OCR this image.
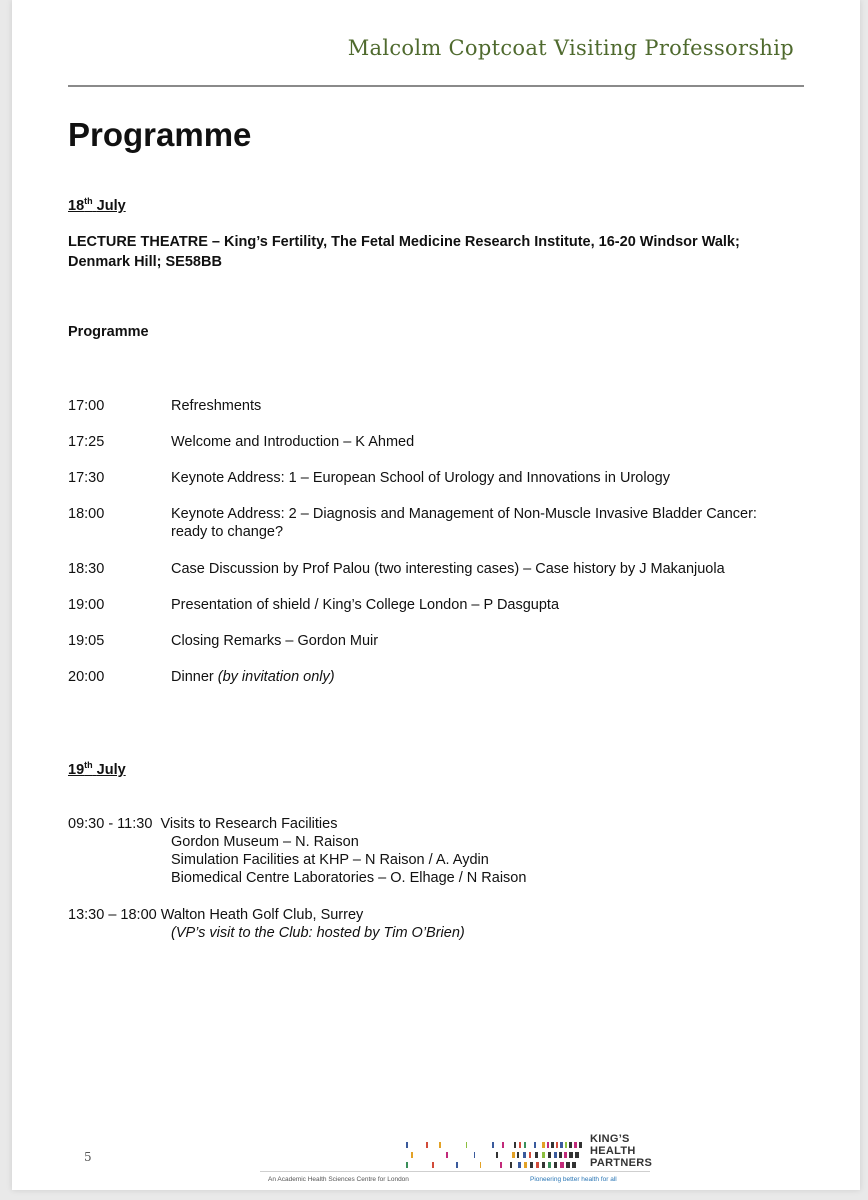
Malcolm Coptcoat Visiting Professorship
Programme
18th July
LECTURE THEATRE – King’s Fertility, The Fetal Medicine Research Institute, 16-20 Windsor Walk; Denmark Hill; SE58BB
Programme
17:00	Refreshments
17:25	Welcome and Introduction – K Ahmed
17:30	Keynote Address: 1 – European School of Urology and Innovations in Urology
18:00	Keynote Address: 2 – Diagnosis and Management of Non-Muscle Invasive Bladder Cancer: ready to change?
18:30	Case Discussion by Prof Palou (two interesting cases) – Case history by J Makanjuola
19:00	Presentation of shield / King’s College London – P Dasgupta
19:05	Closing Remarks – Gordon Muir
20:00	Dinner (by invitation only)
19th July
09:30 - 11:30 Visits to Research Facilities
Gordon Museum – N. Raison
Simulation Facilities at KHP – N Raison / A. Aydin
Biomedical Centre Laboratories – O. Elhage / N Raison
13:30 – 18:00 Walton Heath Golf Club, Surrey
(VP’s visit to the Club: hosted by Tim O’Brien)
5
KING’S
HEALTH
PARTNERS
An Academic Health Sciences Centre for London	Pioneering better health for all
